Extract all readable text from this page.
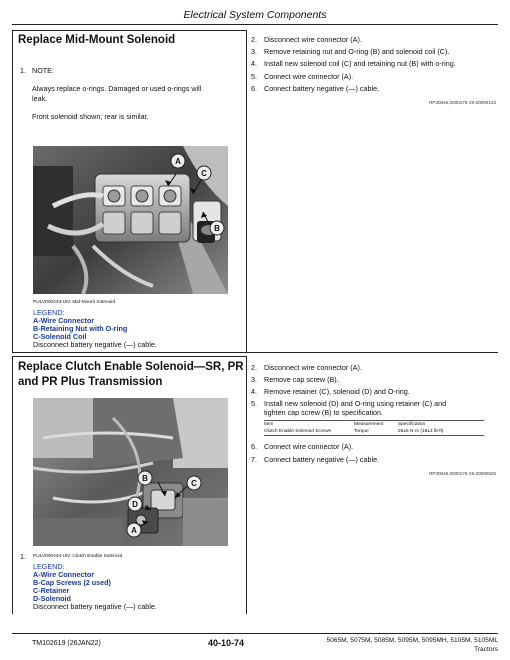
Electrical System Components
Replace Mid-Mount Solenoid
1. NOTE:
Always replace o-rings. Damaged or used o-rings will
leak.
Front solenoid shown; rear is similar.
A
C
B
PULV000443-UN: Mid-Mount Solenoid
LEGEND:
A-Wire Connector
B-Retaining Nut with O-ring
C-Solenoid Coil
Disconnect battery negative (—) cable.
2. Disconnect wire connector (A).
3. Remove retaining nut and O-ring (B) and solenoid coil (C).
4. Install new solenoid coil (C) and retaining nut (B) with o-ring.
5. Connect wire connector (A).
6. Connect battery negative (—) cable.
RP30846,0000175-19-20090123
Replace Clutch Enable Solenoid—SR, PR
and PR Plus Transmission
B
C
D
A
1. PULV000444-UN: Clutch Enable Solenoid
LEGEND:
A-Wire Connector
B-Cap Screws (2 used)
C-Retainer
D-Solenoid
Disconnect battery negative (—) cable.
2. Disconnect wire connector (A).
3. Remove cap screw (B).
4. Remove retainer (C), solenoid (D) and O-ring.
5. Install new solenoid (D) and O-ring using retainer (C) and
tighten cap screw (B) to specification.
Item	Measurement	Specification
Clutch Enable Solenoid Screws	Torque	25±5 N·m (18±3 lb-ft)
6. Connect wire connector (A).
7. Connect battery negative (—) cable.
RP30846,0000176-19-20090528
TM102619 (26JAN22)	40-10-74	5065M, 5075M, 5085M, 5095M, 5095MH, 5105M, 5105ML
Tractors
